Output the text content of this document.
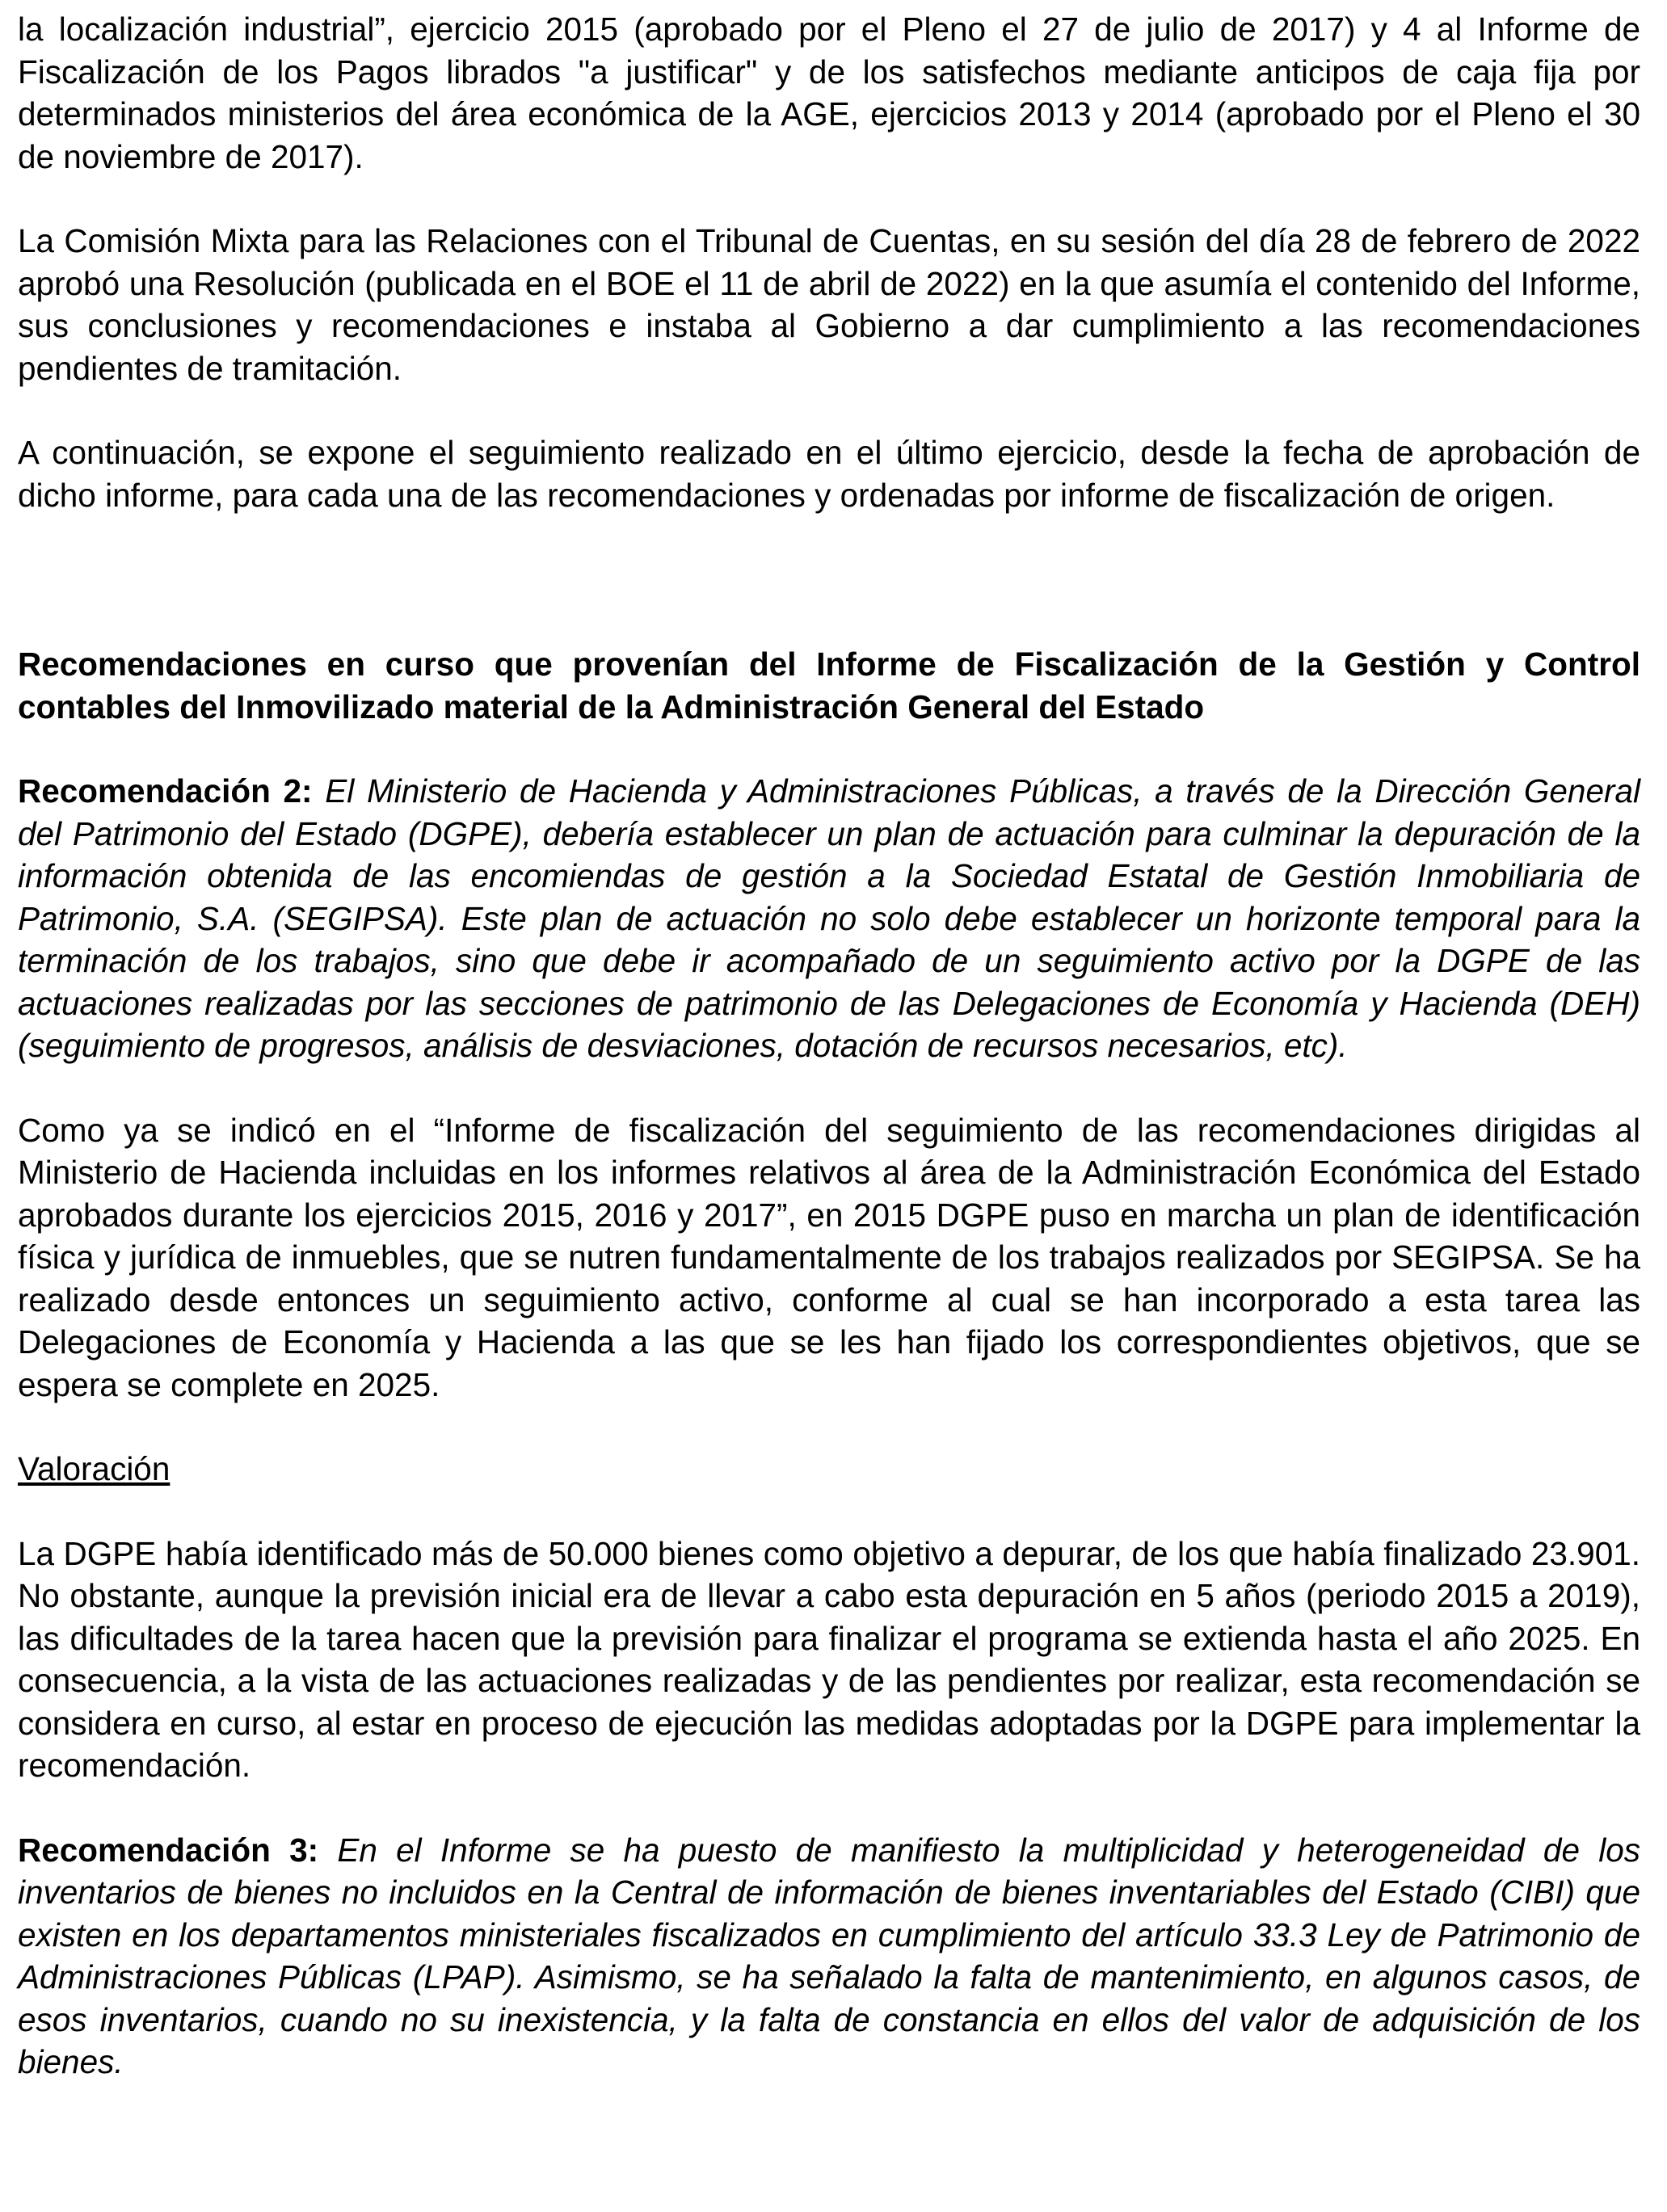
la localización industrial”, ejercicio 2015 (aprobado por el Pleno el 27 de julio de 2017) y 4 al Informe de Fiscalización de los Pagos librados "a justificar" y de los satisfechos mediante anticipos de caja fija por determinados ministerios del área económica de la AGE, ejercicios 2013 y 2014 (aprobado por el Pleno el 30 de noviembre de 2017).

La Comisión Mixta para las Relaciones con el Tribunal de Cuentas, en su sesión del día 28 de febrero de 2022 aprobó una Resolución (publicada en el BOE el 11 de abril de 2022) en la que asumía el contenido del Informe, sus conclusiones y recomendaciones e instaba al Gobierno a dar cumplimiento a las recomendaciones pendientes de tramitación.

A continuación, se expone el seguimiento realizado en el último ejercicio, desde la fecha de aprobación de dicho informe, para cada una de las recomendaciones y ordenadas por informe de fiscalización de origen.

Recomendaciones en curso que provenían del Informe de Fiscalización de la Gestión y Control contables del Inmovilizado material de la Administración General del Estado

Recomendación 2: El Ministerio de Hacienda y Administraciones Públicas, a través de la Dirección General del Patrimonio del Estado (DGPE), debería establecer un plan de actuación para culminar la depuración de la información obtenida de las encomiendas de gestión a la Sociedad Estatal de Gestión Inmobiliaria de Patrimonio, S.A. (SEGIPSA). Este plan de actuación no solo debe establecer un horizonte temporal para la terminación de los trabajos, sino que debe ir acompañado de un seguimiento activo por la DGPE de las actuaciones realizadas por las secciones de patrimonio de las Delegaciones de Economía y Hacienda (DEH) (seguimiento de progresos, análisis de desviaciones, dotación de recursos necesarios, etc).

Como ya se indicó en el “Informe de fiscalización del seguimiento de las recomendaciones dirigidas al Ministerio de Hacienda incluidas en los informes relativos al área de la Administración Económica del Estado aprobados durante los ejercicios 2015, 2016 y 2017”, en 2015 DGPE puso en marcha un plan de identificación física y jurídica de inmuebles, que se nutren fundamentalmente de los trabajos realizados por SEGIPSA. Se ha realizado desde entonces un seguimiento activo, conforme al cual se han incorporado a esta tarea las Delegaciones de Economía y Hacienda a las que se les han fijado los correspondientes objetivos, que se espera se complete en 2025.

Valoración

La DGPE había identificado más de 50.000 bienes como objetivo a depurar, de los que había finalizado 23.901. No obstante, aunque la previsión inicial era de llevar a cabo esta depuración en 5 años (periodo 2015 a 2019), las dificultades de la tarea hacen que la previsión para finalizar el programa se extienda hasta el año 2025. En consecuencia, a la vista de las actuaciones realizadas y de las pendientes por realizar, esta recomendación se considera en curso, al estar en proceso de ejecución las medidas adoptadas por la DGPE para implementar la recomendación.

Recomendación 3: En el Informe se ha puesto de manifiesto la multiplicidad y heterogeneidad de los inventarios de bienes no incluidos en la Central de información de bienes inventariables del Estado (CIBI) que existen en los departamentos ministeriales fiscalizados en cumplimiento del artículo 33.3 Ley de Patrimonio de Administraciones Públicas (LPAP). Asimismo, se ha señalado la falta de mantenimiento, en algunos casos, de esos inventarios, cuando no su inexistencia, y la falta de constancia en ellos del valor de adquisición de los bienes.
